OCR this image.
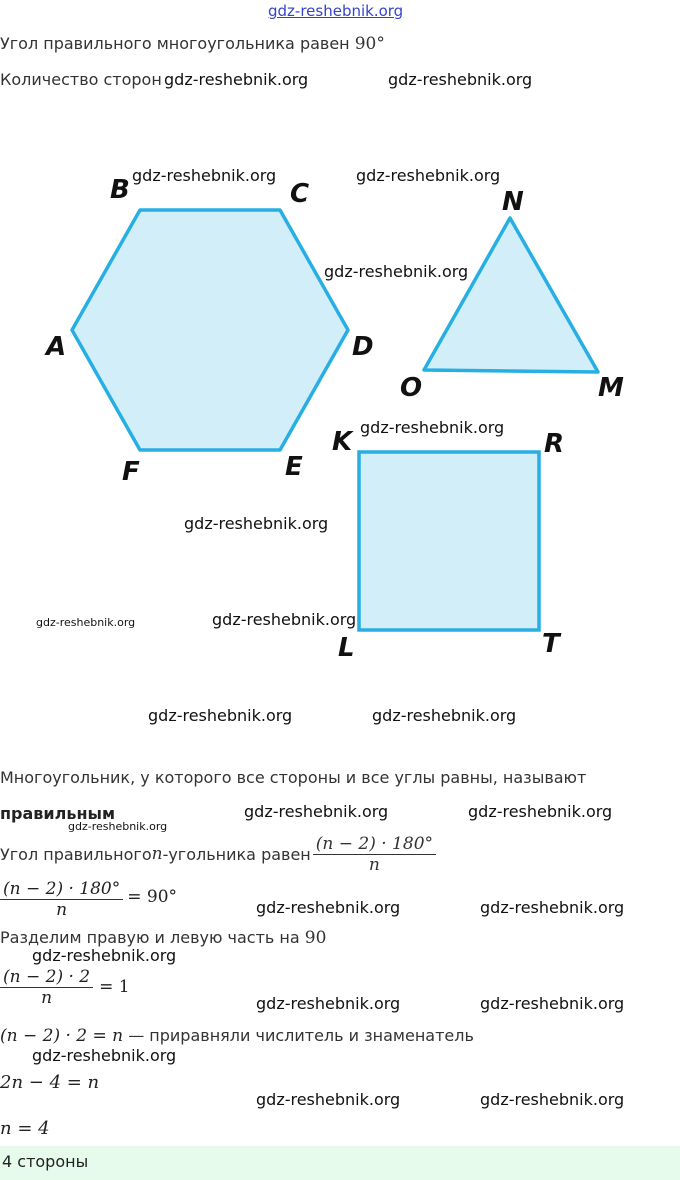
gdz-reshebnik.org
gdz-reshebnik.org	gdz-reshebnik.org
gdz-reshebnik.org	gdz-reshebnik.org
gdz-reshebnik.org
gdz-reshebnik.org
gdz-reshebnik.org
gdz-reshebnik.org	gdz-reshebnik.org
gdz-reshebnik.org	gdz-reshebnik.org
gdz-reshebnik.org	gdz-reshebnik.org
gdz-reshebnik.org
gdz-reshebnik.org	gdz-reshebnik.org
gdz-reshebnik.org
gdz-reshebnik.org	gdz-reshebnik.org
gdz-reshebnik.org
gdz-reshebnik.org	gdz-reshebnik.org
Угол правильного многоугольника равен 90°
Количество сторон
A
B	C
D
E
F
N
O	M
K	R
T
L
Многоугольник, у которого все стороны и все углы равны, называют
правильным
Угол правильного n -угольника равен $\frac{(n - 2) \cdot 180^\circ}{n}$
$\frac{(n - 2) \cdot 180^\circ}{n} = 90^\circ$
Разделим правую и левую часть на 90
$\frac{(n - 2) \cdot 2}{n} = 1$
(n − 2) · 2 = n — приравняли числитель и знаменатель
2n − 4 = n
n = 4
4 стороны
